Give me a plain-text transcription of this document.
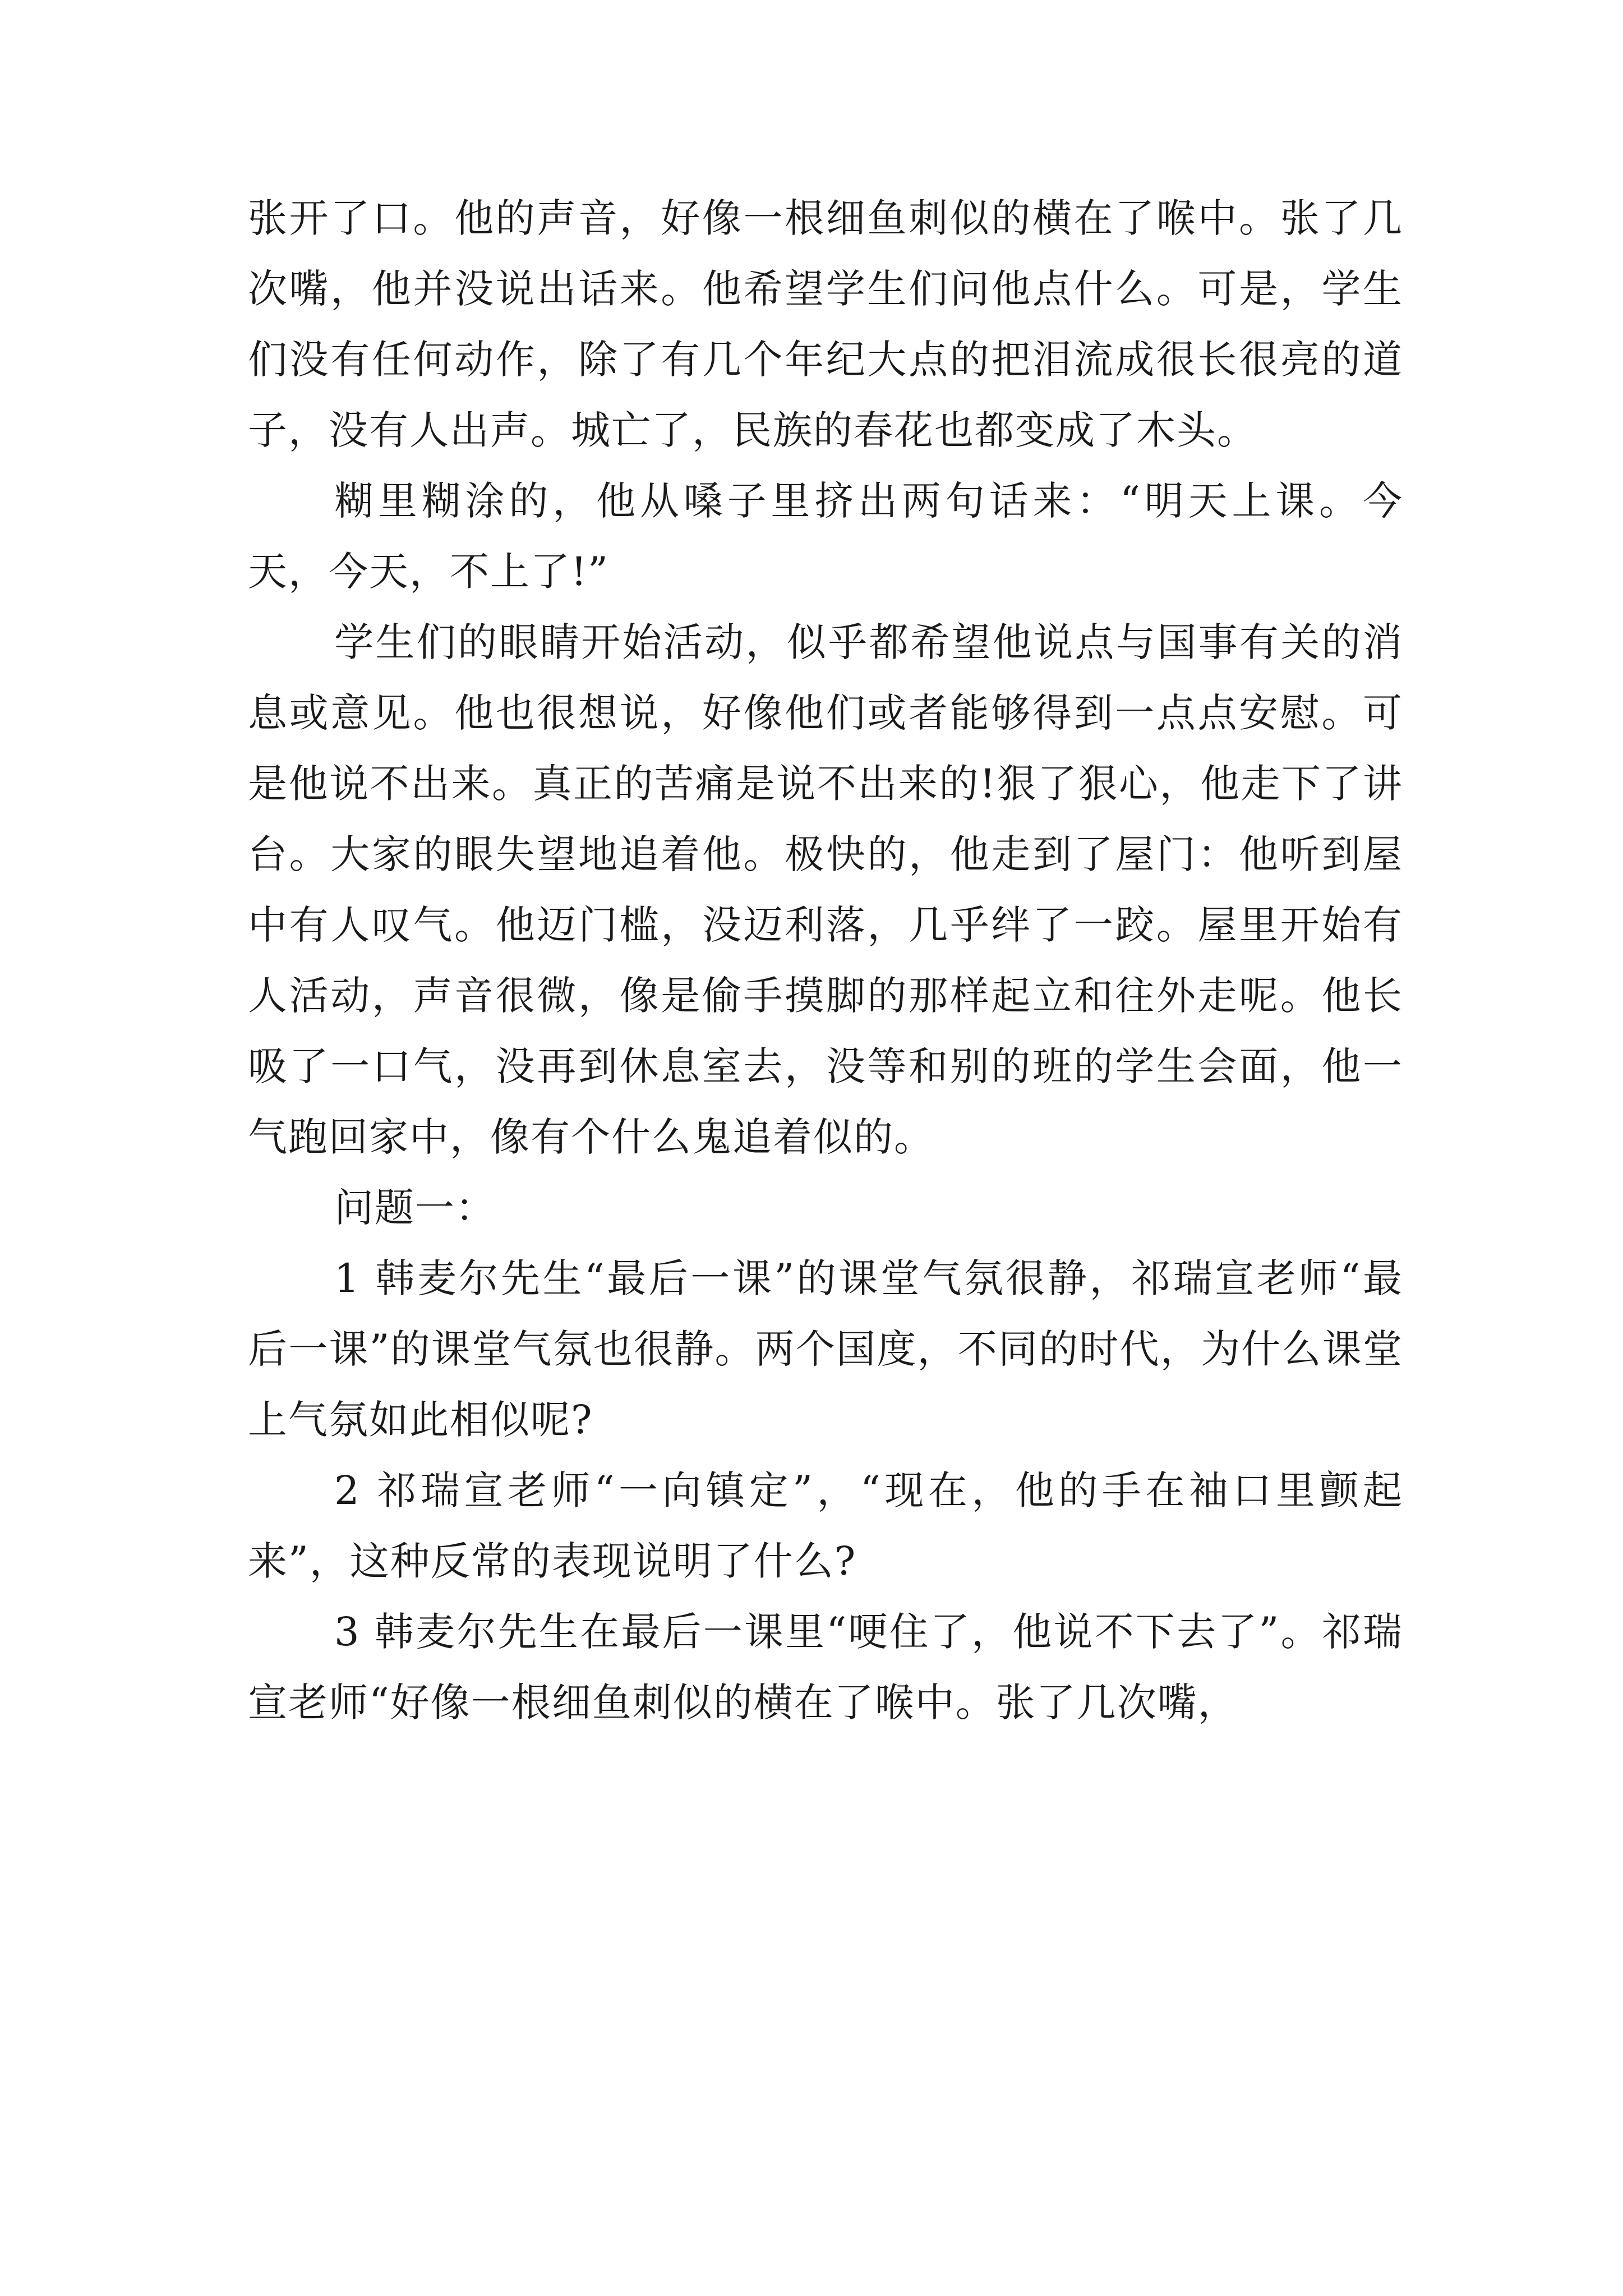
张开了口。他的声音，好像一根细鱼刺似的横在了喉中。张了几次嘴，他并没说出话来。他希望学生们问他点什么。可是，学生们没有任何动作，除了有几个年纪大点的把泪流成很长很亮的道子，没有人出声。城亡了，民族的春花也都变成了木头。

糊里糊涂的，他从嗓子里挤出两句话来：“明天上课。今天，今天，不上了!”

学生们的眼睛开始活动，似乎都希望他说点与国事有关的消息或意见。他也很想说，好像他们或者能够得到一点点安慰。可是他说不出来。真正的苦痛是说不出来的!狠了狠心，他走下了讲台。大家的眼失望地追着他。极快的，他走到了屋门：他听到屋中有人叹气。他迈门槛，没迈利落，几乎绊了一跤。屋里开始有人活动，声音很微，像是偷手摸脚的那样起立和往外走呢。他长吸了一口气，没再到休息室去，没等和别的班的学生会面，他一气跑回家中，像有个什么鬼追着似的。

问题一：

1 韩麦尔先生“最后一课”的课堂气氛很静，祁瑞宣老师“最后一课”的课堂气氛也很静。两个国度，不同的时代，为什么课堂上气氛如此相似呢?

2 祁瑞宣老师“一向镇定”，“现在，他的手在袖口里颤起来”，这种反常的表现说明了什么?

3 韩麦尔先生在最后一课里“哽住了，他说不下去了”。祁瑞宣老师“好像一根细鱼刺似的横在了喉中。张了几次嘴，
